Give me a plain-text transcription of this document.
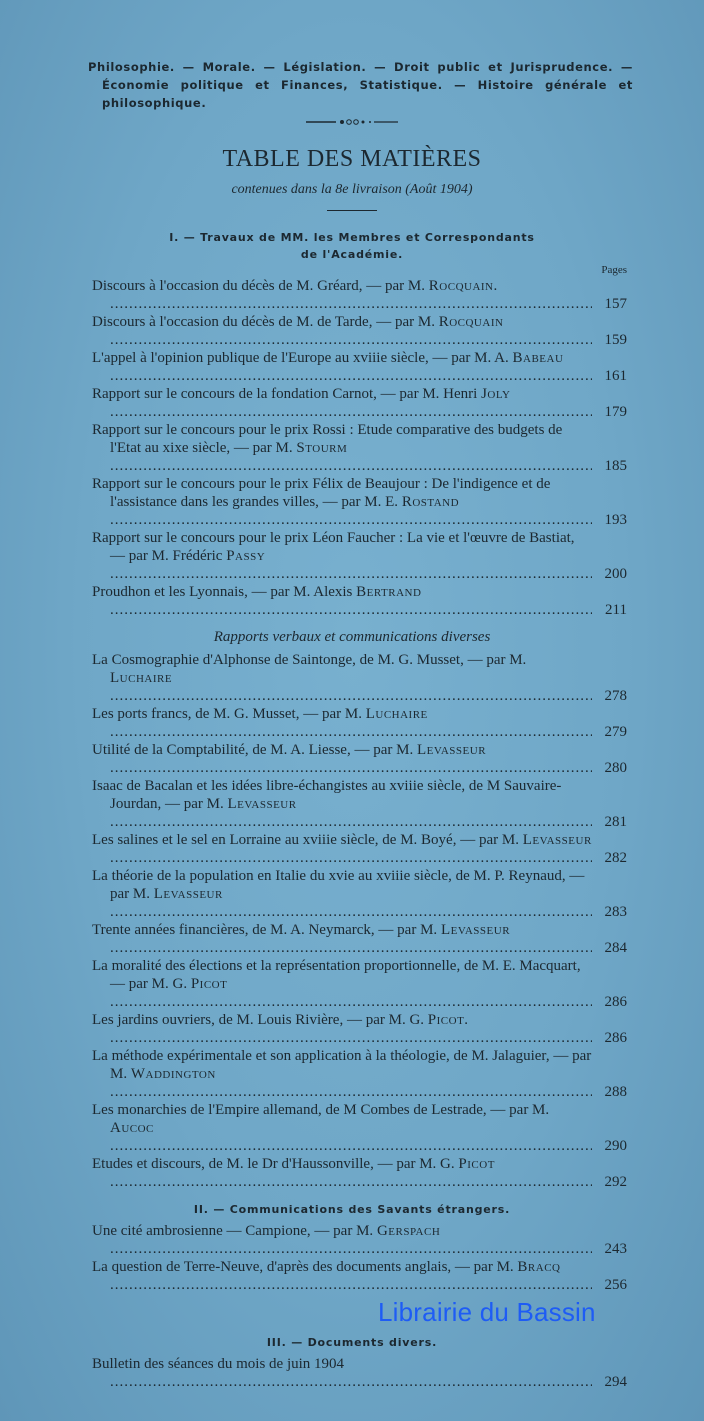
Philosophie. — Morale. — Législation. — Droit public et Jurisprudence. — Économie politique et Finances, Statistique. — Histoire générale et philosophique.
TABLE DES MATIÈRES
contenues dans la 8e livraison (Août 1904)
I. — Travaux de MM. les Membres et Correspondants
de l'Académie.
Pages
Discours à l'occasion du décès de M. Gréard, — par M. Rocquain. .....
157
Discours à l'occasion du décès de M. de Tarde, — par M. Rocquain .....
159
L'appel à l'opinion publique de l'Europe au xviiie siècle, — par M. A. Babeau .....
161
Rapport sur le concours de la fondation Carnot, — par M. Henri Joly .....
179
Rapport sur le concours pour le prix Rossi : Etude comparative des budgets de l'Etat au xixe siècle, — par M. Stourm .....
185
Rapport sur le concours pour le prix Félix de Beaujour : De l'indigence et de l'assistance dans les grandes villes, — par M. E. Rostand .....
193
Rapport sur le concours pour le prix Léon Faucher : La vie et l'œuvre de Bastiat, — par M. Frédéric Passy .....
200
Proudhon et les Lyonnais, — par M. Alexis Bertrand .....
211
Rapports verbaux et communications diverses
La Cosmographie d'Alphonse de Saintonge, de M. G. Musset, — par M. Luchaire .....
278
Les ports francs, de M. G. Musset, — par M. Luchaire .....
279
Utilité de la Comptabilité, de M. A. Liesse, — par M. Levasseur .....
280
Isaac de Bacalan et les idées libre-échangistes au xviiie siècle, de M Sauvaire-Jourdan, — par M. Levasseur .....
281
Les salines et le sel en Lorraine au xviiie siècle, de M. Boyé, — par M. Levasseur .....
282
La théorie de la population en Italie du xvie au xviiie siècle, de M. P. Reynaud, — par M. Levasseur .....
283
Trente années financières, de M. A. Neymarck, — par M. Levasseur .....
284
La moralité des élections et la représentation proportionnelle, de M. E. Macquart, — par M. G. Picot .....
286
Les jardins ouvriers, de M. Louis Rivière, — par M. G. Picot. .....
286
La méthode expérimentale et son application à la théologie, de M. Jalaguier, — par M. Waddington .....
288
Les monarchies de l'Empire allemand, de M Combes de Lestrade, — par M. Aucoc .....
290
Etudes et discours, de M. le Dr d'Haussonville, — par M. G. Picot .....
292
II. — Communications des Savants étrangers.
Une cité ambrosienne — Campione, — par M. Gerspach .....
243
La question de Terre-Neuve, d'après des documents anglais, — par M. Bracq .....
256
Librairie du Bassin
III. — Documents divers.
Bulletin des séances du mois de juin 1904 .....
294
